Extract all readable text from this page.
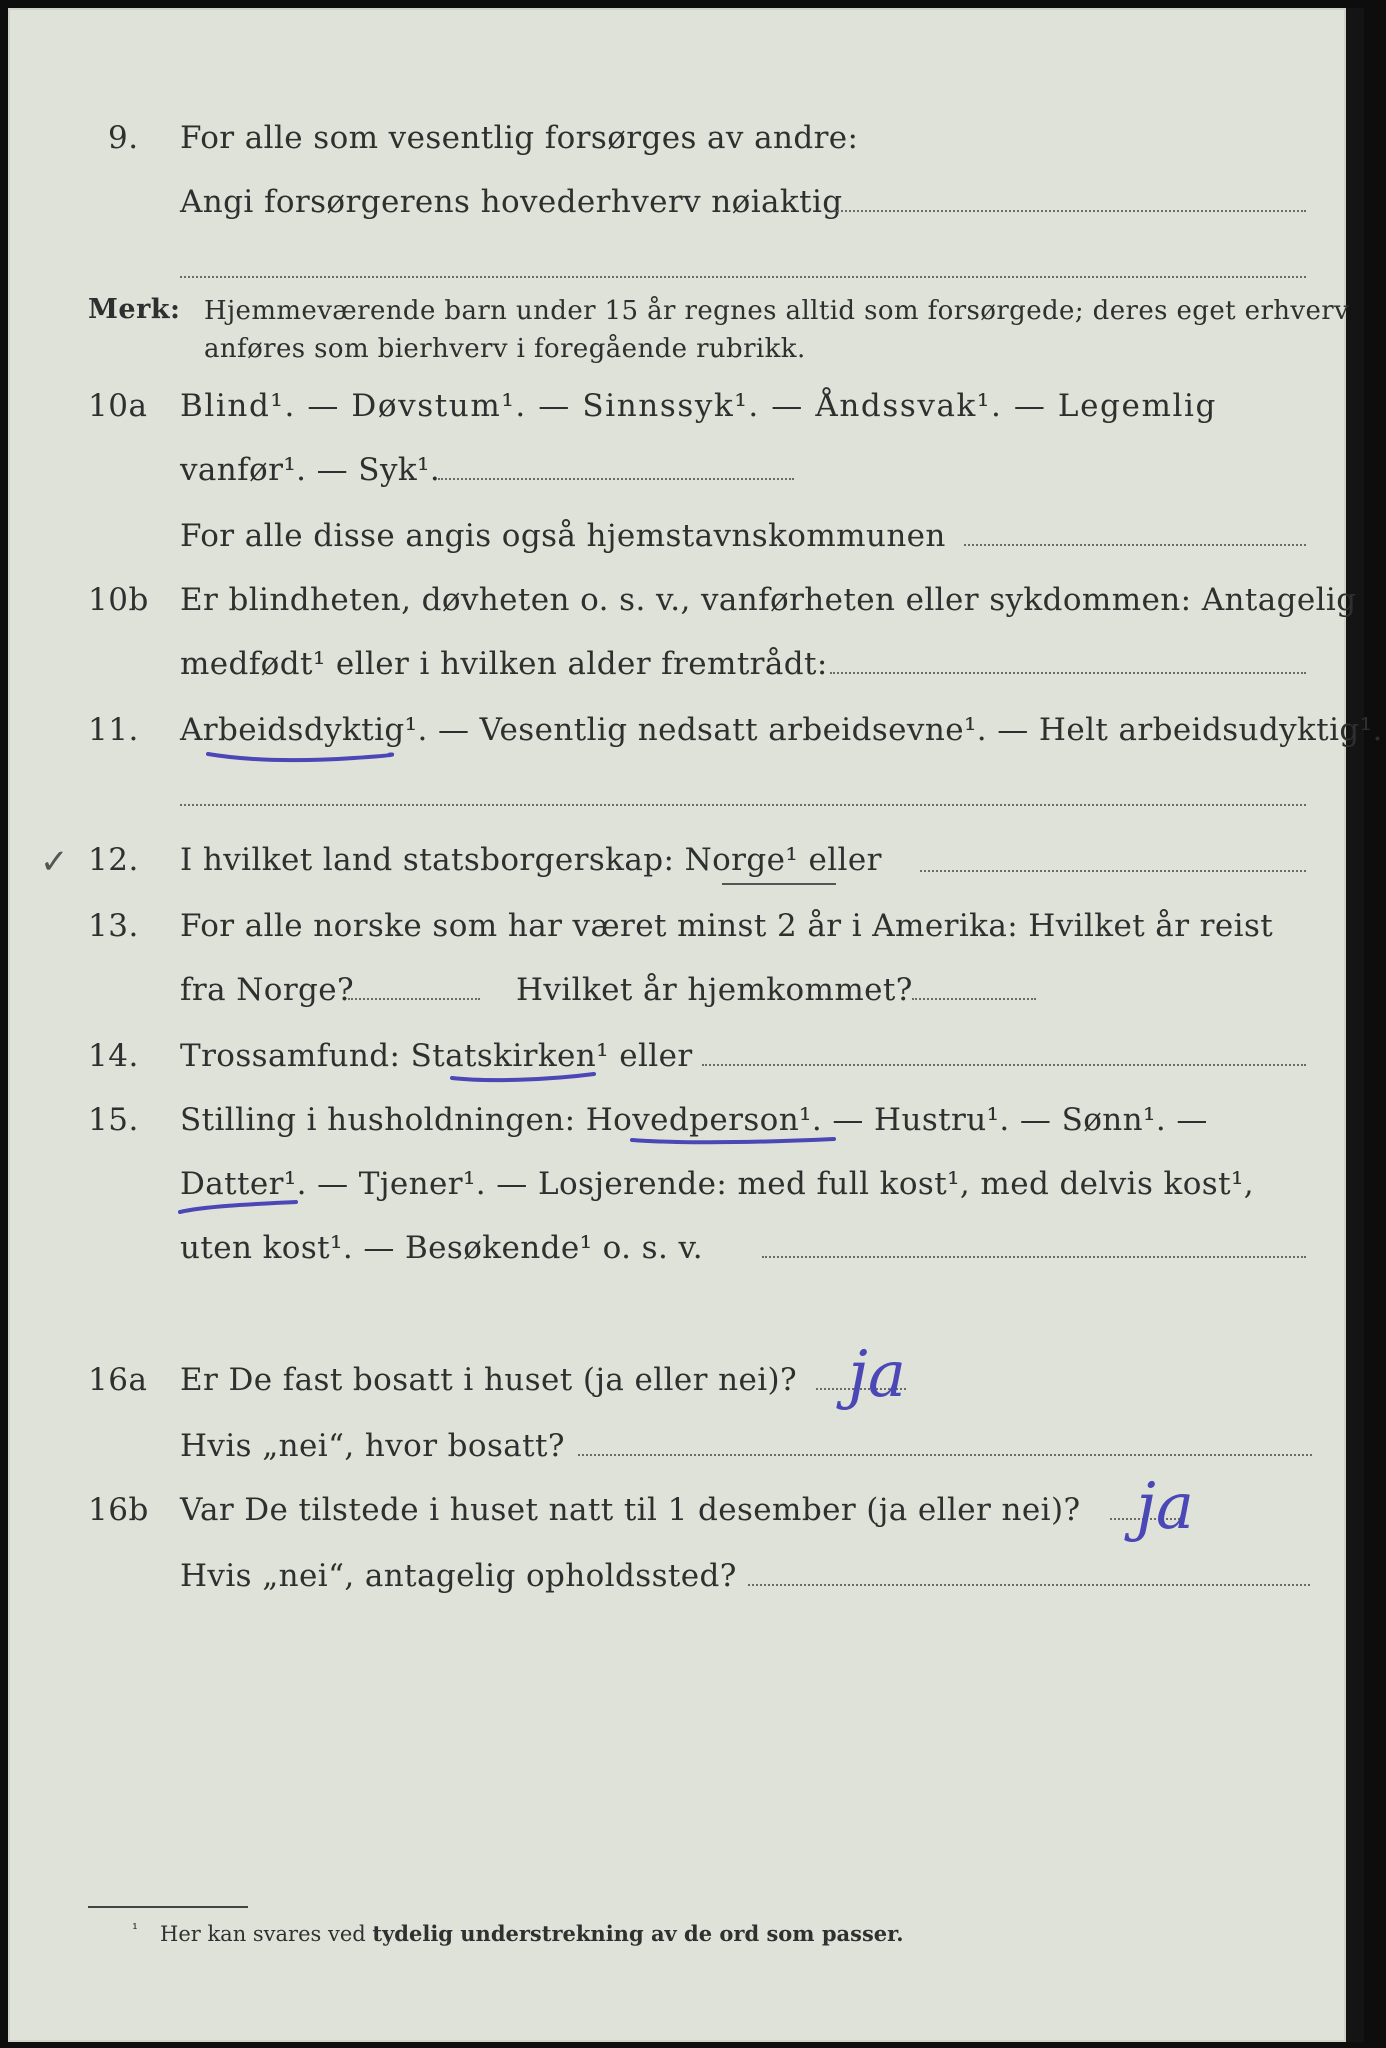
9. For alle som vesentlig forsørges av andre:
Angi forsørgerens hovederhverv nøiaktig
Merk: Hjemmeværende barn under 15 år regnes alltid som forsørgede; deres eget erhverv
anføres som bierhverv i foregående rubrikk.
10a Blind¹. — Døvstum¹. — Sinnssyk¹. — Åndssvak¹. — Legemlig
vanfør¹. — Syk¹.
For alle disse angis også hjemstavnskommunen
10b Er blindheten, døvheten o. s. v., vanførheten eller sykdommen: Antagelig
medfødt¹ eller i hvilken alder fremtrådt:
11. Arbeidsdyktig¹. — Vesentlig nedsatt arbeidsevne¹. — Helt arbeidsudyktig¹.
✓ 12. I hvilket land statsborgerskap: Norge¹ eller
13. For alle norske som har været minst 2 år i Amerika: Hvilket år reist
fra Norge?	Hvilket år hjemkommet?
14. Trossamfund: Statskirken¹ eller
15. Stilling i husholdningen: Hovedperson¹. — Hustru¹. — Sønn¹. —
Datter¹. — Tjener¹. — Losjerende: med full kost¹, med delvis kost¹,
uten kost¹. — Besøkende¹ o. s. v.
16a Er De fast bosatt i huset (ja eller nei)? ja
Hvis „nei“, hvor bosatt?
16b Var De tilstede i huset natt til 1 desember (ja eller nei)? ja
Hvis „nei“, antagelig opholdssted?
¹ Her kan svares ved tydelig understrekning av de ord som passer.
